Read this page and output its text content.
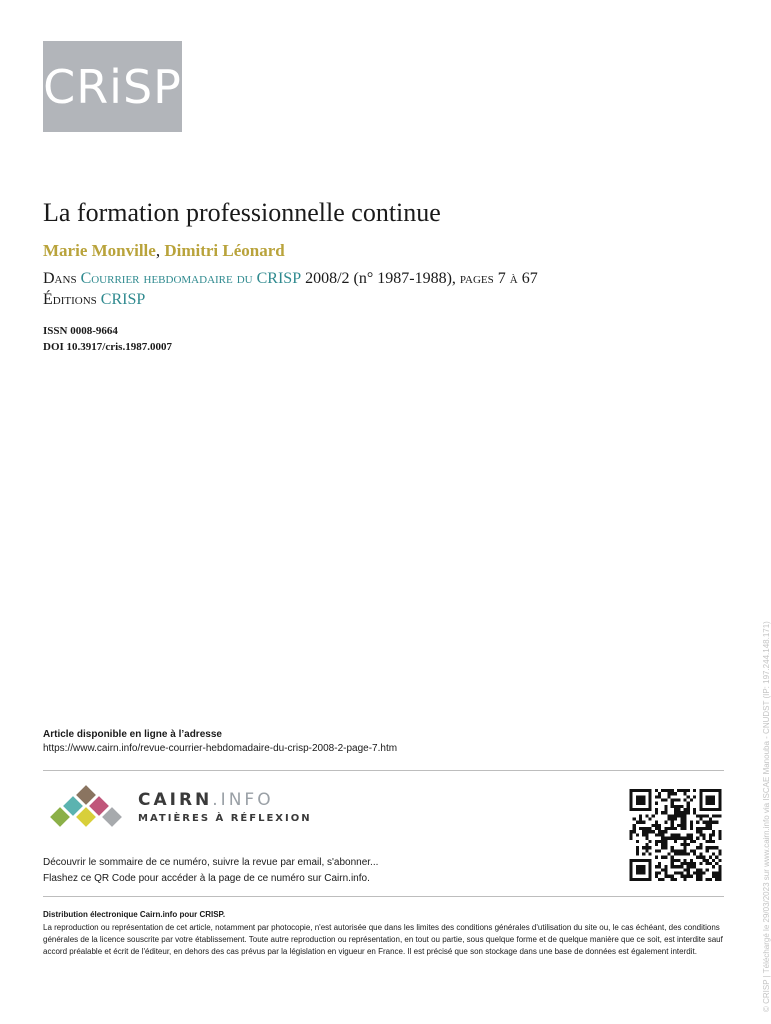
CRiSP
La formation professionnelle continue
Marie Monville, Dimitri Léonard
Dans Courrier hebdomadaire du CRISP 2008/2 (n° 1987-1988), pages 7 à 67
Éditions CRISP
ISSN 0008-9664
DOI 10.3917/cris.1987.0007
Article disponible en ligne à l’adresse
https://www.cairn.info/revue-courrier-hebdomadaire-du-crisp-2008-2-page-7.htm
CAIRN.INFO
MATIÈRES À RÉFLEXION
Découvrir le sommaire de ce numéro, suivre la revue par email, s'abonner...
Flashez ce QR Code pour accéder à la page de ce numéro sur Cairn.info.
Distribution électronique Cairn.info pour CRISP.
La reproduction ou représentation de cet article, notamment par photocopie, n'est autorisée que dans les limites des conditions générales d'utilisation du site ou, le cas échéant, des conditions générales de la licence souscrite par votre établissement. Toute autre reproduction ou représentation, en tout ou partie, sous quelque forme et de quelque manière que ce soit, est interdite sauf accord préalable et écrit de l'éditeur, en dehors des cas prévus par la législation en vigueur en France. Il est précisé que son stockage dans une base de données est également interdit.	© CRISP | Téléchargé le 29/03/2023 sur www.cairn.info via ISCAE Manouba - CNUDST (IP: 197.244.148.171)
